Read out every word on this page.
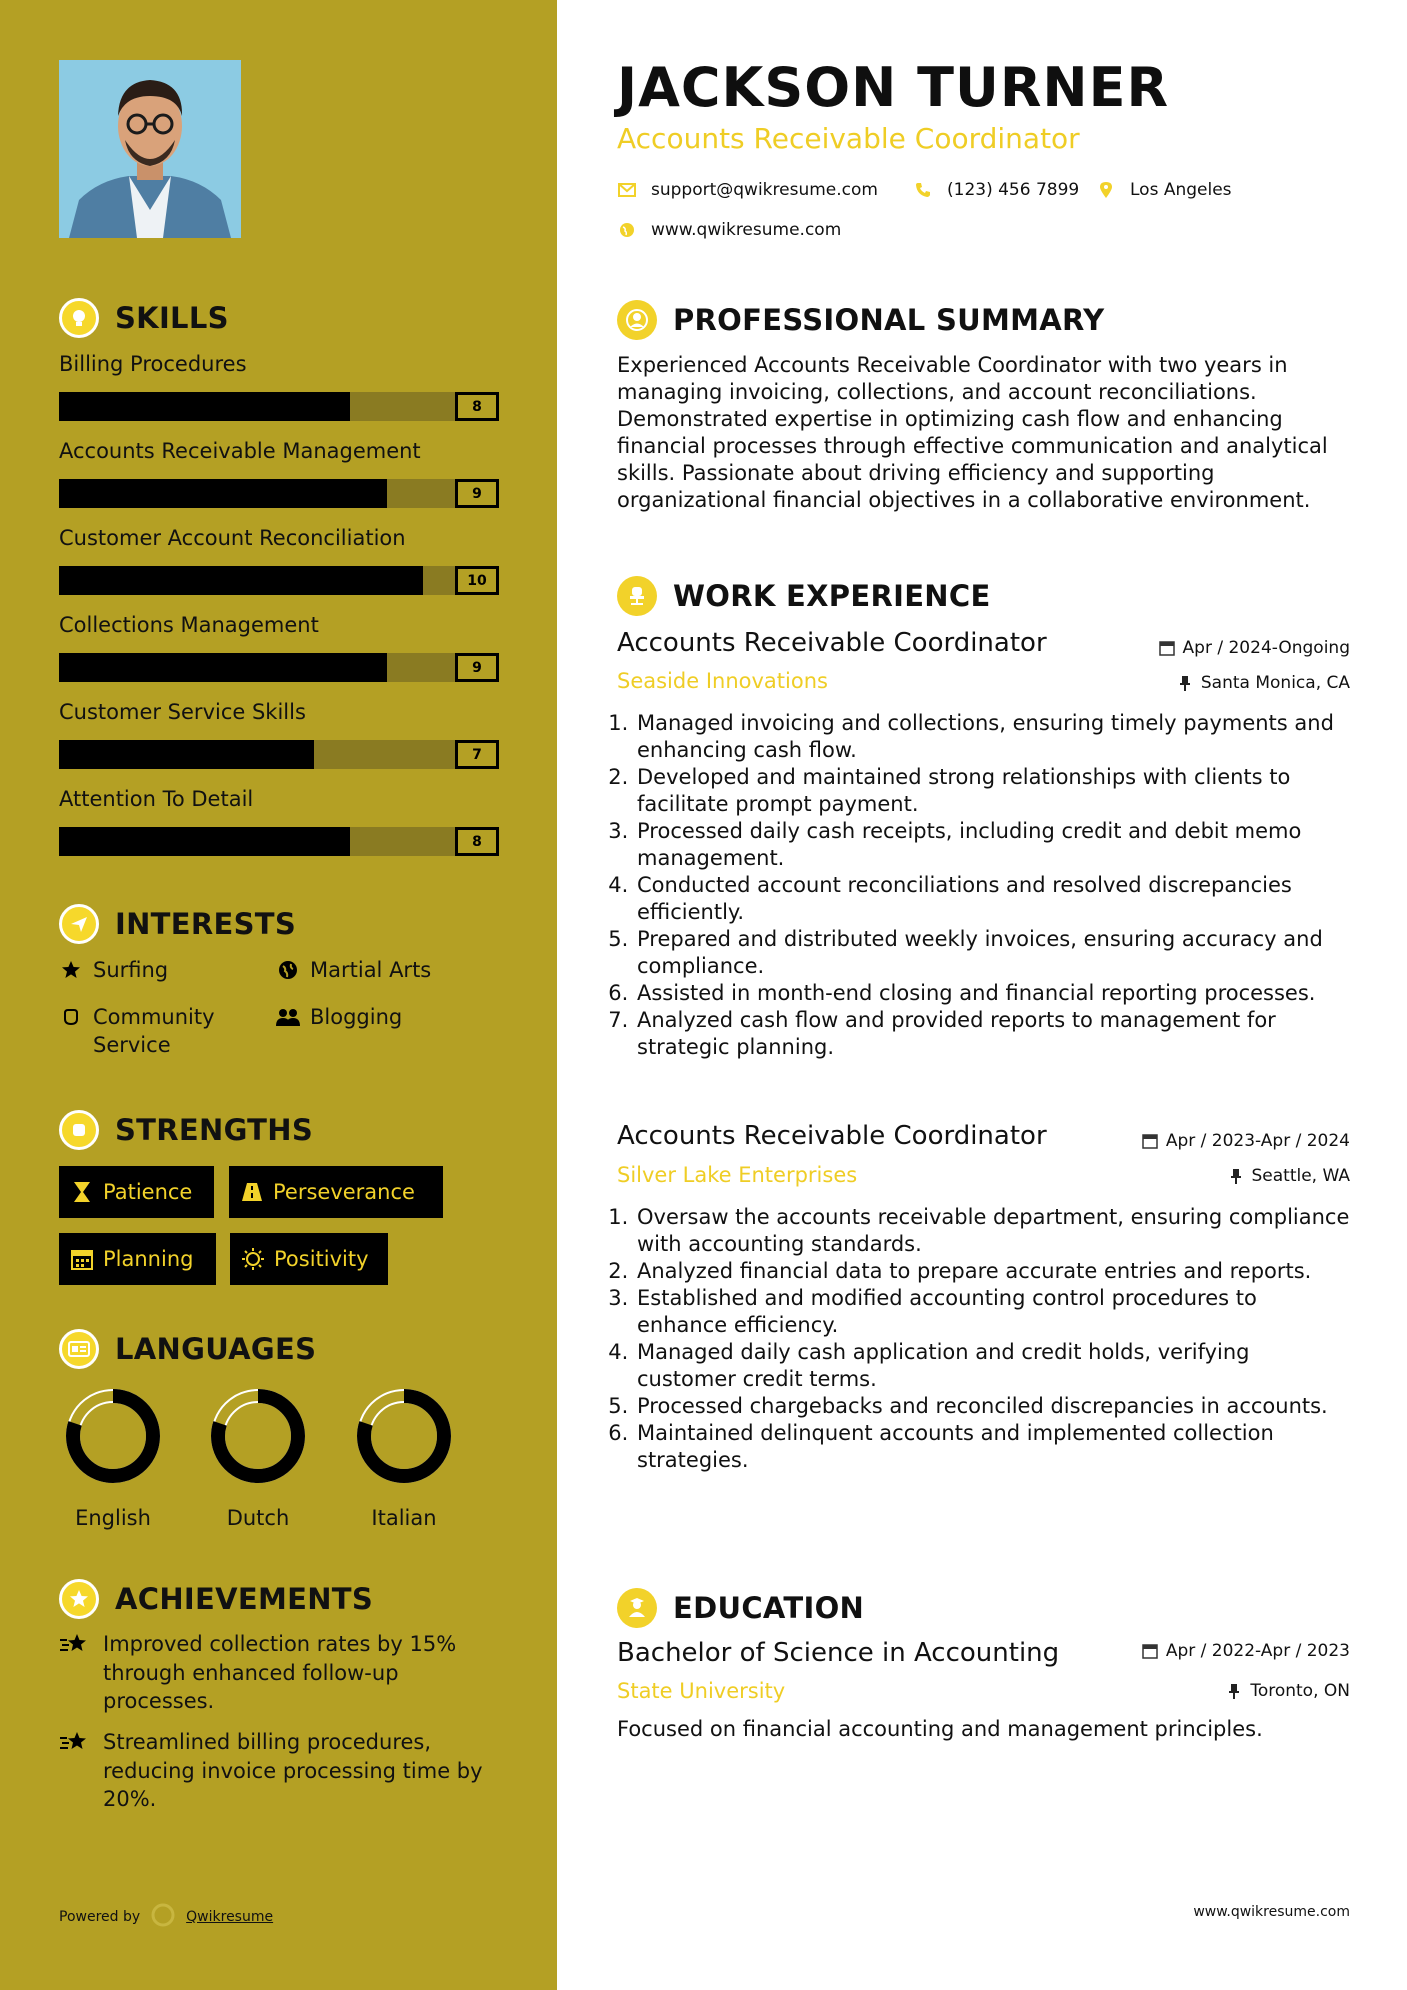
SKILLS
Billing Procedures
8
Accounts Receivable Management
9
Customer Account Reconciliation
10
Collections Management
9
Customer Service Skills
7
Attention To Detail
8
INTERESTS
Surfing	Martial Arts
Community Service
Blogging
STRENGTHS
Patience	Perseverance
Planning	Positivity
LANGUAGES
English	Dutch	Italian
ACHIEVEMENTS
Improved collection rates by 15% through enhanced follow-up processes.
Streamlined billing procedures, reducing invoice processing time by 20%.
Powered by	Qwikresume
JACKSON TURNER
Accounts Receivable Coordinator
support@qwikresume.com	(123) 456 7899	Los Angeles
www.qwikresume.com
PROFESSIONAL SUMMARY
Experienced Accounts Receivable Coordinator with two years in managing invoicing, collections, and account reconciliations. Demonstrated expertise in optimizing cash flow and enhancing financial processes through effective communication and analytical skills. Passionate about driving efficiency and supporting organizational financial objectives in a collaborative environment.
WORK EXPERIENCE
Accounts Receivable Coordinator	Apr / 2024-Ongoing
Seaside Innovations	Santa Monica, CA
1. Managed invoicing and collections, ensuring timely payments and enhancing cash flow.
2. Developed and maintained strong relationships with clients to facilitate prompt payment.
3. Processed daily cash receipts, including credit and debit memo management.
4. Conducted account reconciliations and resolved discrepancies efficiently.
5. Prepared and distributed weekly invoices, ensuring accuracy and compliance.
6. Assisted in month-end closing and financial reporting processes.
7. Analyzed cash flow and provided reports to management for strategic planning.
Accounts Receivable Coordinator	Apr / 2023-Apr / 2024
Silver Lake Enterprises	Seattle, WA
1. Oversaw the accounts receivable department, ensuring compliance with accounting standards.
2. Analyzed financial data to prepare accurate entries and reports.
3. Established and modified accounting control procedures to enhance efficiency.
4. Managed daily cash application and credit holds, verifying customer credit terms.
5. Processed chargebacks and reconciled discrepancies in accounts.
6. Maintained delinquent accounts and implemented collection strategies.
EDUCATION
Bachelor of Science in Accounting	Apr / 2022-Apr / 2023
State University	Toronto, ON
Focused on financial accounting and management principles.
www.qwikresume.com
